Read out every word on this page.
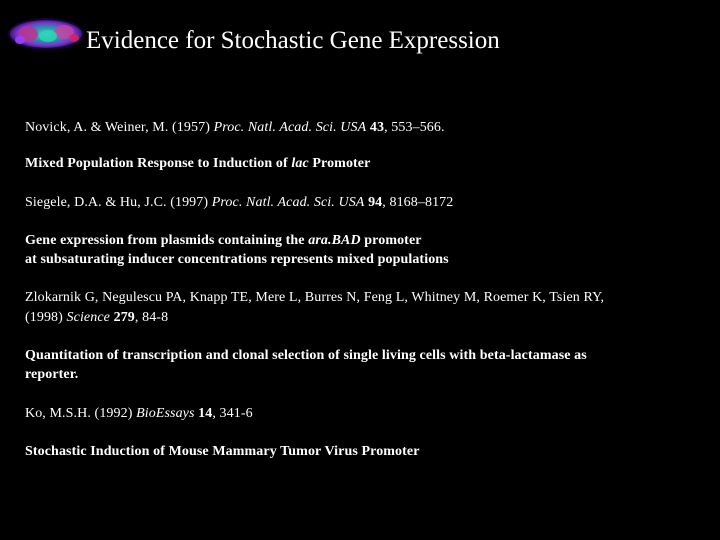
Evidence for Stochastic Gene Expression
Novick, A. & Weiner, M. (1957) Proc. Natl. Acad. Sci. USA 43, 553–566.
Mixed Population Response to Induction of lac Promoter
Siegele, D.A. & Hu, J.C. (1997) Proc. Natl. Acad. Sci. USA 94, 8168–8172
Gene expression from plasmids containing the ara.BAD promoter
at subsaturating inducer concentrations represents mixed populations
Zlokarnik G, Negulescu PA, Knapp TE, Mere L, Burres N, Feng L, Whitney M, Roemer K, Tsien RY,
(1998) Science 279, 84-8
Quantitation of transcription and clonal selection of single living cells with beta-lactamase as
reporter.
Ko, M.S.H. (1992) BioEssays 14, 341-6
Stochastic Induction of Mouse Mammary Tumor Virus Promoter
